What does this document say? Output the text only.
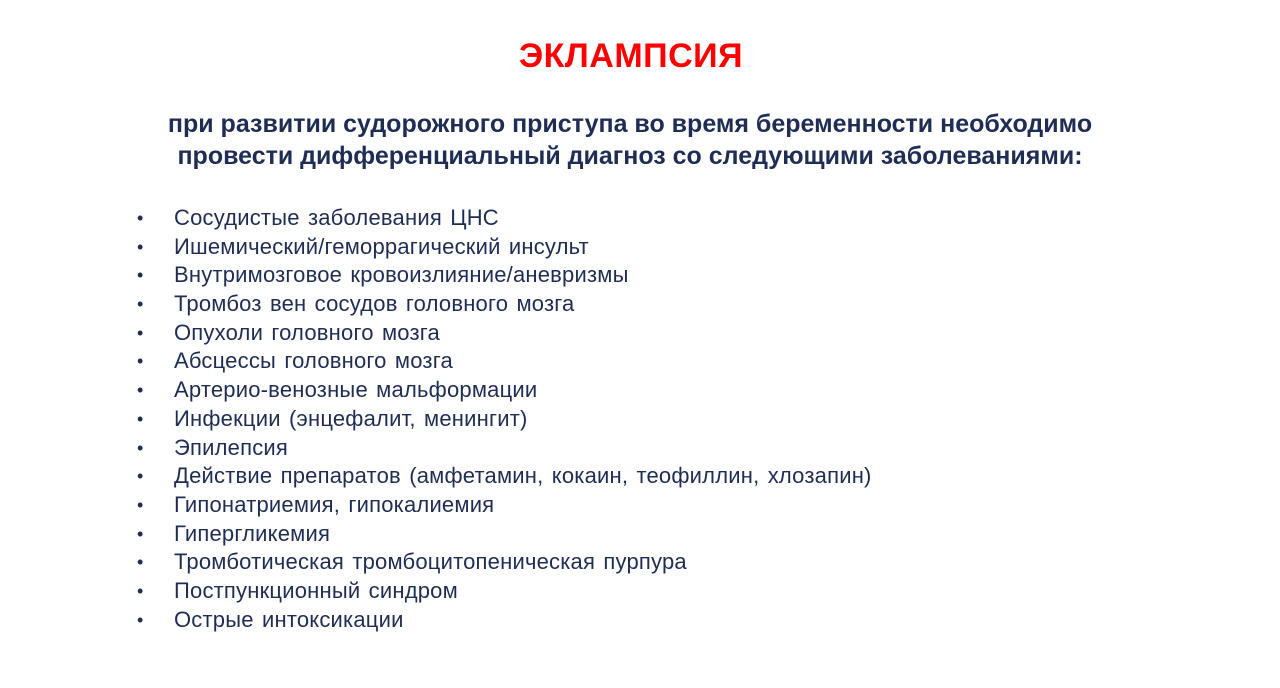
ЭКЛАМПСИЯ
при развитии судорожного приступа во время беременности необходимо провести дифференциальный диагноз со следующими заболеваниями:
•	Сосудистые заболевания ЦНС
•	Ишемический/геморрагический инсульт
•	Внутримозговое кровоизлияние/аневризмы
•	Тромбоз вен сосудов головного мозга
•	Опухоли головного мозга
•	Абсцессы головного мозга
•	Артерио-венозные мальформации
•	Инфекции (энцефалит, менингит)
•	Эпилепсия
•	Действие препаратов (амфетамин, кокаин, теофиллин, хлозапин)
•	Гипонатриемия, гипокалиемия
•	Гипергликемия
•	Тромботическая тромбоцитопеническая пурпура
•	Постпункционный синдром
•	Острые интоксикации
